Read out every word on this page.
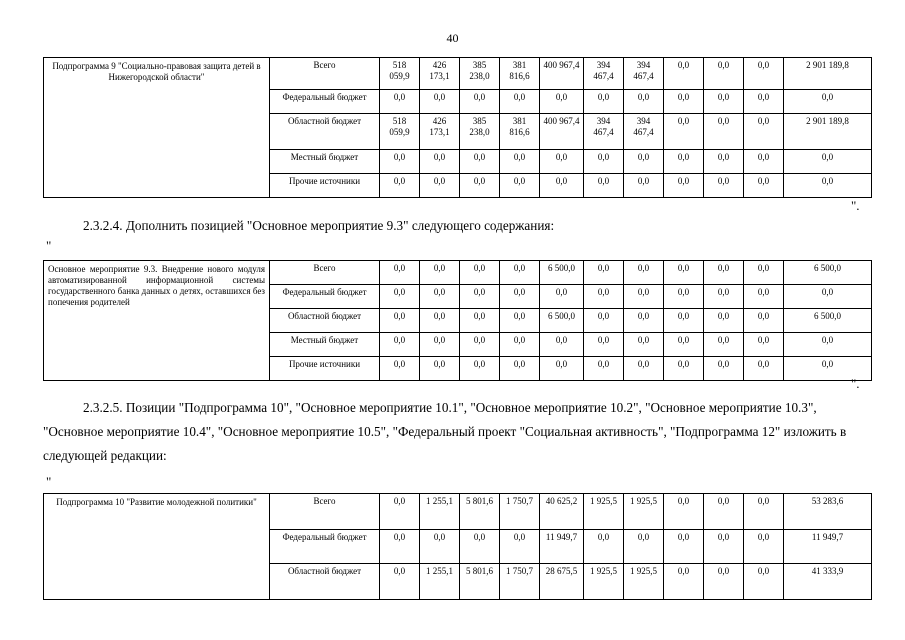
40
Подпрограмма 9 "Социально-правовая защита детей в Нижегородской области"	Всего	518 059,9	426 173,1	385 238,0	381 816,6	400 967,4	394 467,4	394 467,4	0,0	0,0	0,0	2 901 189,8
	Федеральный бюджет	0,0	0,0	0,0	0,0	0,0	0,0	0,0	0,0	0,0	0,0	0,0
	Областной бюджет	518 059,9	426 173,1	385 238,0	381 816,6	400 967,4	394 467,4	394 467,4	0,0	0,0	0,0	2 901 189,8
	Местный бюджет	0,0	0,0	0,0	0,0	0,0	0,0	0,0	0,0	0,0	0,0	0,0
	Прочие источники	0,0	0,0	0,0	0,0	0,0	0,0	0,0	0,0	0,0	0,0	0,0
".
2.3.2.4. Дополнить позицией "Основное мероприятие 9.3" следующего содержания:
"
Основное мероприятие 9.3. Внедрение нового модуля автоматизированной информационной системы государственного банка данных о детях, оставшихся без попечения родителей	Всего	0,0	0,0	0,0	0,0	6 500,0	0,0	0,0	0,0	0,0	0,0	6 500,0
	Федеральный бюджет	0,0	0,0	0,0	0,0	0,0	0,0	0,0	0,0	0,0	0,0	0,0
	Областной бюджет	0,0	0,0	0,0	0,0	6 500,0	0,0	0,0	0,0	0,0	0,0	6 500,0
	Местный бюджет	0,0	0,0	0,0	0,0	0,0	0,0	0,0	0,0	0,0	0,0	0,0
	Прочие источники	0,0	0,0	0,0	0,0	0,0	0,0	0,0	0,0	0,0	0,0	0,0
".
2.3.2.5. Позиции "Подпрограмма 10", "Основное мероприятие 10.1", "Основное мероприятие 10.2", "Основное мероприятие 10.3", "Основное мероприятие 10.4", "Основное мероприятие 10.5", "Федеральный проект "Социальная активность", "Подпрограмма 12" изложить в следующей редакции:
"
Подпрограмма 10 "Развитие молодежной политики"	Всего	0,0	1 255,1	5 801,6	1 750,7	40 625,2	1 925,5	1 925,5	0,0	0,0	0,0	53 283,6
	Федеральный бюджет	0,0	0,0	0,0	0,0	11 949,7	0,0	0,0	0,0	0,0	0,0	11 949,7
	Областной бюджет	0,0	1 255,1	5 801,6	1 750,7	28 675,5	1 925,5	1 925,5	0,0	0,0	0,0	41 333,9
